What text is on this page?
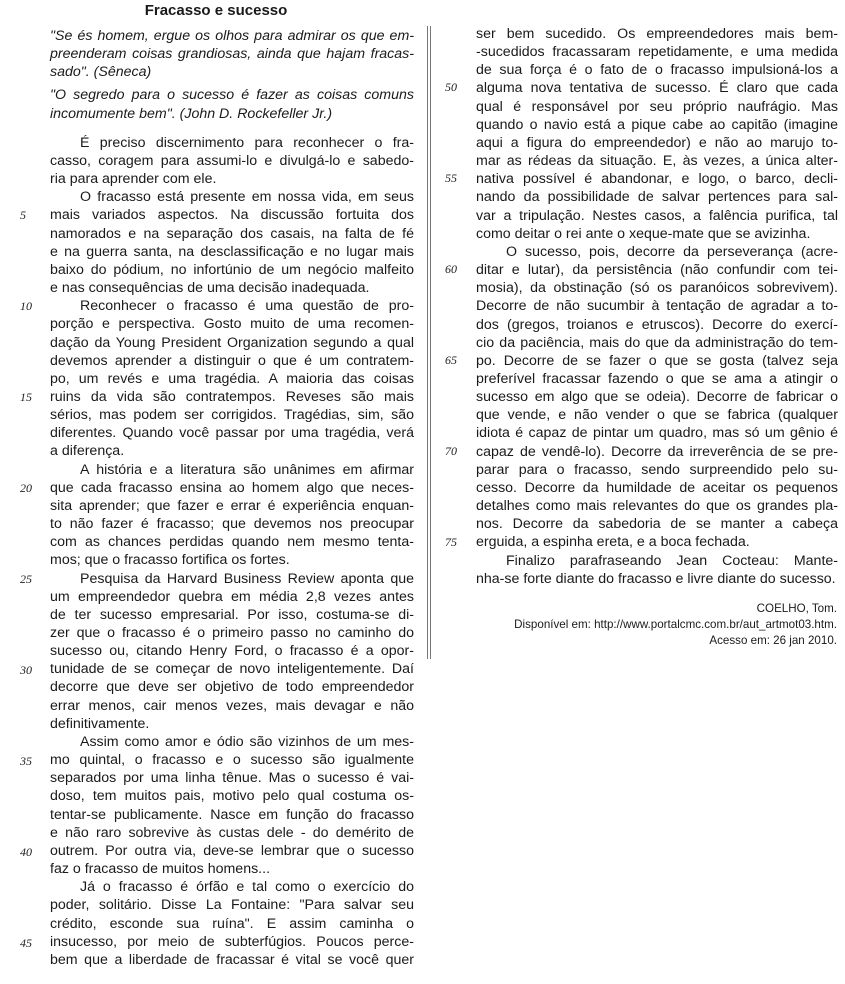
Fracasso e sucesso
"Se és homem, ergue os olhos para admirar os que em-
preenderam coisas grandiosas, ainda que hajam fracas-
sado". (Sêneca)
"O segredo para o sucesso é fazer as coisas comuns
incomumente bem". (John D. Rockefeller Jr.)
É preciso discernimento para reconhecer o fra-
casso, coragem para assumi-lo e divulgá-lo e sabedo-
ria para aprender com ele.
O fracasso está presente em nossa vida, em seus
mais variados aspectos. Na discussão fortuita dos
namorados e na separação dos casais, na falta de fé
e na guerra santa, na desclassificação e no lugar mais
baixo do pódium, no infortúnio de um negócio malfeito
e nas consequências de uma decisão inadequada.
Reconhecer o fracasso é uma questão de pro-
porção e perspectiva. Gosto muito de uma recomen-
dação da Young President Organization segundo a qual
devemos aprender a distinguir o que é um contratem-
po, um revés e uma tragédia. A maioria das coisas
ruins da vida são contratempos. Reveses são mais
sérios, mas podem ser corrigidos. Tragédias, sim, são
diferentes. Quando você passar por uma tragédia, verá
a diferença.
A história e a literatura são unânimes em afirmar
que cada fracasso ensina ao homem algo que neces-
sita aprender; que fazer e errar é experiência enquan-
to não fazer é fracasso; que devemos nos preocupar
com as chances perdidas quando nem mesmo tenta-
mos; que o fracasso fortifica os fortes.
Pesquisa da Harvard Business Review aponta que
um empreendedor quebra em média 2,8 vezes antes
de ter sucesso empresarial. Por isso, costuma-se di-
zer que o fracasso é o primeiro passo no caminho do
sucesso ou, citando Henry Ford, o fracasso é a opor-
tunidade de se começar de novo inteligentemente. Daí
decorre que deve ser objetivo de todo empreendedor
errar menos, cair menos vezes, mais devagar e não
definitivamente.
Assim como amor e ódio são vizinhos de um mes-
mo quintal, o fracasso e o sucesso são igualmente
separados por uma linha tênue. Mas o sucesso é vai-
doso, tem muitos pais, motivo pelo qual costuma os-
tentar-se publicamente. Nasce em função do fracasso
e não raro sobrevive às custas dele - do demérito de
outrem. Por outra via, deve-se lembrar que o sucesso
faz o fracasso de muitos homens...
Já o fracasso é órfão e tal como o exercício do
poder, solitário. Disse La Fontaine: "Para salvar seu
crédito, esconde sua ruína". E assim caminha o
insucesso, por meio de subterfúgios. Poucos perce-
bem que a liberdade de fracassar é vital se você quer
ser bem sucedido. Os empreendedores mais bem-
-sucedidos fracassaram repetidamente, e uma medida
de sua força é o fato de o fracasso impulsioná-los a
alguma nova tentativa de sucesso. É claro que cada
qual é responsável por seu próprio naufrágio. Mas
quando o navio está a pique cabe ao capitão (imagine
aqui a figura do empreendedor) e não ao marujo to-
mar as rédeas da situação. E, às vezes, a única alter-
nativa possível é abandonar, e logo, o barco, decli-
nando da possibilidade de salvar pertences para sal-
var a tripulação. Nestes casos, a falência purifica, tal
como deitar o rei ante o xeque-mate que se avizinha.
O sucesso, pois, decorre da perseverança (acre-
ditar e lutar), da persistência (não confundir com tei-
mosia), da obstinação (só os paranóicos sobrevivem).
Decorre de não sucumbir à tentação de agradar a to-
dos (gregos, troianos e etruscos). Decorre do exercí-
cio da paciência, mais do que da administração do tem-
po. Decorre de se fazer o que se gosta (talvez seja
preferível fracassar fazendo o que se ama a atingir o
sucesso em algo que se odeia). Decorre de fabricar o
que vende, e não vender o que se fabrica (qualquer
idiota é capaz de pintar um quadro, mas só um gênio é
capaz de vendê-lo). Decorre da irreverência de se pre-
parar para o fracasso, sendo surpreendido pelo su-
cesso. Decorre da humildade de aceitar os pequenos
detalhes como mais relevantes do que os grandes pla-
nos. Decorre da sabedoria de se manter a cabeça
erguida, a espinha ereta, e a boca fechada.
Finalizo parafraseando Jean Cocteau: Mante-
nha-se forte diante do fracasso e livre diante do sucesso.
5
10
15
20
25
30
35
40
45
50
55
60
65
70
75
COELHO, Tom.
Disponível em: http://www.portalcmc.com.br/aut_artmot03.htm.
Acesso em: 26 jan 2010.
